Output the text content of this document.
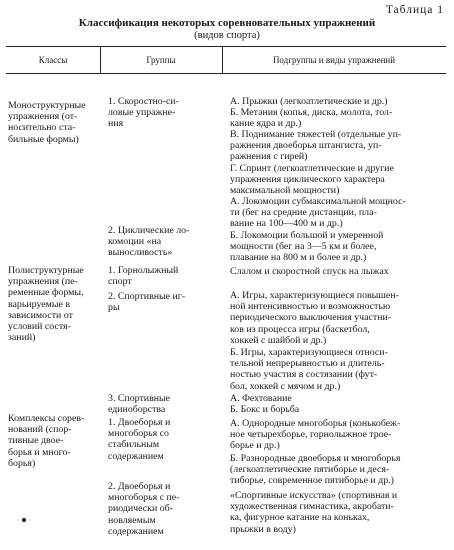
Таблица 1
Классификация некоторых соревновательных упражнений
(видов спорта)
Классы	Группы	Подгруппы и виды упражнений
Моноструктурные
упражнения (от-
носительно ста-
бильные формы)
Полиструктурные
упражнения (пе-
ременные формы,
варьируемые в
зависимости от
условий состя-
заний)
Комплексы сорев-
нований (спор-
тивные двое-
борья и много-
борья)
1. Скоростно-си-
ловые упражне-
ния
2. Циклические ло-
комоции «на
выносливость»
1. Горнолыжный
спорт
2. Спортивные иг-
ры
3. Спортивные
единоборства
1. Двоеборья и
многоборья со
стабильным
содержанием
2. Двоеборья и
многоборья с пе-
риодически об-
новляемым
содержанием
А. Прыжки (легкоатлетические и др.)
Б. Метания (копья, диска, молота, тол-
кание ядра и др.)
В. Поднимание тяжестей (отдельные уп-
ражнения двоеборья штангиста, уп-
ражнения с гирей)
Г. Спринт (легкоатлетические и другие
упражнения циклического характера
максимальной мощности)
А. Локомоции субмаксимальной мощнос-
ти (бег на средние дистанции, пла-
вание на 100—400 м и др.)
Б. Локомоции большой и умеренной
мощности (бег на 3—5 км и более,
плавание на 800 м и более и др.)
Слалом и скоростной спуск на лыжах
А. Игры, характеризующиеся повышен-
ной интенсивностью и возможностью
периодического выключения участни-
ков из процесса игры (баскетбол,
хоккей с шайбой и др.)
Б. Игры, характеризующиеся относи-
тельной непрерывностью и длитель-
ностью участия в состязании (фут-
бол, хоккей с мячом и др.)
А. Фехтование
Б. Бокс и борьба
А. Однородные многоборья (конькобеж-
ное четырехборье, горнолыжное трое-
борье и др.)
Б. Разнородные двоеборья и многоборья
(легкоатлетические пятиборье и деся-
тиборье, современное пятиборье и др.)
«Спортивные искусства» (спортивная и
художественная гимнастика, акробати-
ка, фигурное катание на коньках,
прыжки в воду)
